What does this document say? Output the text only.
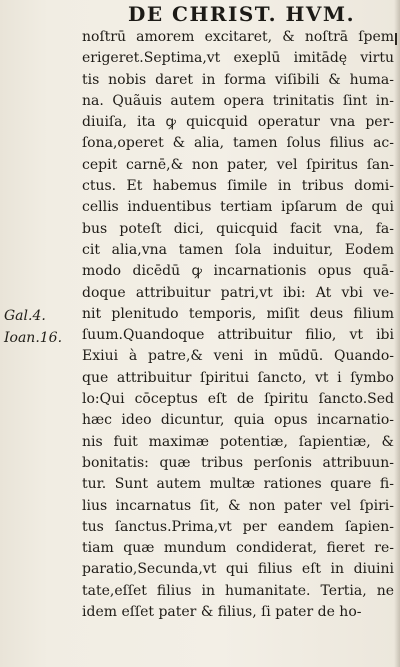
DE CHRIST. HVM.
Gal.4.
Ioan.16.
noſtrū amorem excitaret, & noſtrā ſpem
erigeret.Septima,vt exeplū imitādę virtu
tis nobis daret in forma viſibili & huma-
na. Quãuis autem opera trinitatis ſint in-
diuiſa, ita ꝙ quicquid operatur vna per-
ſona,operet & alia, tamen ſolus filius ac-
cepit carnē,& non pater, vel ſpiritus ſan-
ctus. Et habemus ſimile in tribus domi-
cellis induentibus tertiam ipſarum de qui
bus poteſt dici, quicquid facit vna, fa-
cit alia,vna tamen ſola induitur, Eodem
modo dicēdū ꝙ incarnationis opus quā-
doque attribuitur patri,vt ibi: At vbi ve-
nit plenitudo temporis, miſit deus filium
ſuum.Quandoque attribuitur filio, vt ibi
Exiui à patre,& veni in mūdū. Quando-
que attribuitur ſpiritui ſancto, vt i ſymbo
lo:Qui cōceptus eſt de ſpiritu ſancto.Sed
hæc ideo dicuntur, quia opus incarnatio-
nis fuit maximæ potentiæ, ſapientiæ, &
bonitatis: quæ tribus perſonis attribuun-
tur. Sunt autem multæ rationes quare fi-
lius incarnatus ſit, & non pater vel ſpiri-
tus ſanctus.Prima,vt per eandem ſapien-
tiam quæ mundum condiderat, fieret re-
paratio,Secunda,vt qui filius eſt in diuini
tate,eſſet filius in humanitate. Tertia, ne
idem eſſet pater & filius, ſi pater de ho-
